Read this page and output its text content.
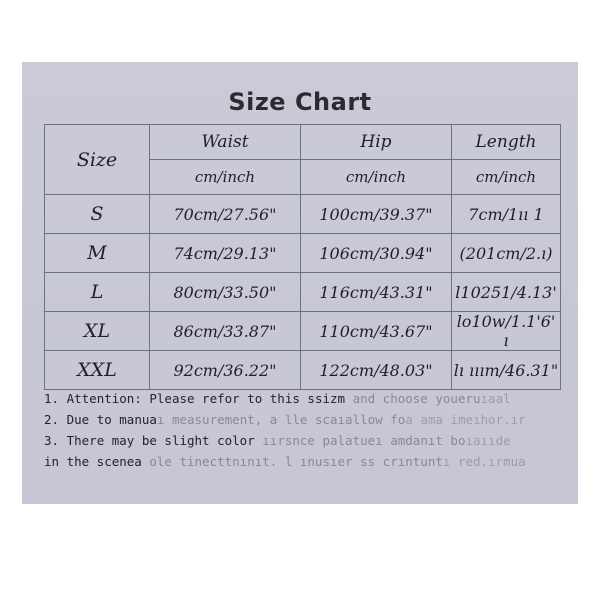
Size Chart
Size	Waist	Hip	Length
	cm/inch	cm/inch	cm/inch
S	70cm/27.56"	100cm/39.37"	7cm/1ıı 1
M	74cm/29.13"	106cm/30.94"	(201cm/2.ı)
L	80cm/33.50"	116cm/43.31"	l10251/4.13'
XL	86cm/33.87"	110cm/43.67"	lo10w/1.1'6' ı
XXL	92cm/36.22"	122cm/48.03"	lı ııım/46.31"
1. Attention: Please refor to this ssizm and choose youeruıaal
2. Due to manuaı measurement, a lle scaıallow foa ama imeıhor.ır
3. There may be slight color ıırsnce palatueı amdanıt boıaııde
in the scenea ole tinecttnınıt. l ınusıer ss crıntuntı red.ırmua
